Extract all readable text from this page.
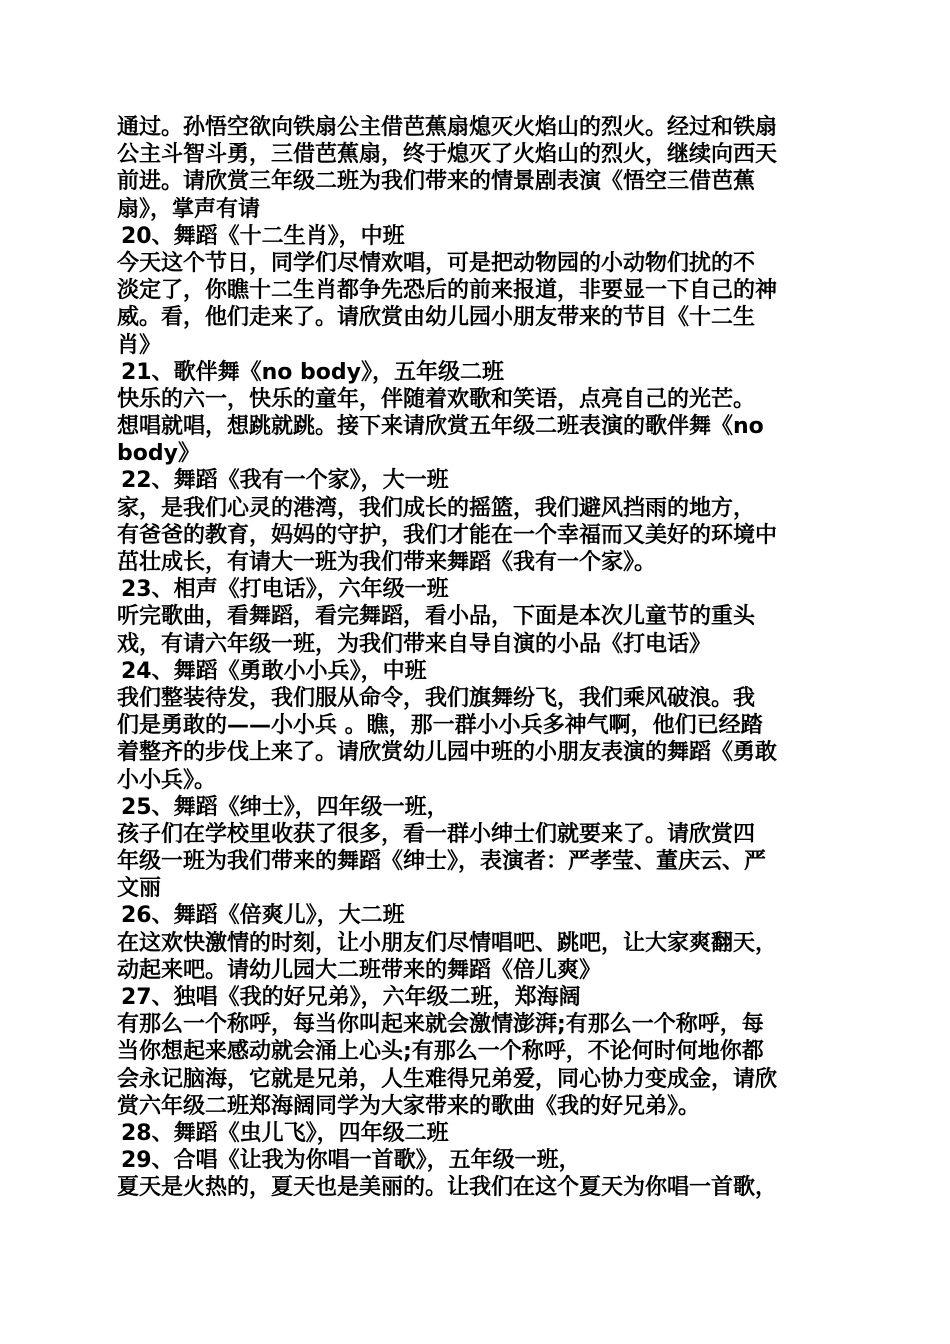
通过。孙悟空欲向铁扇公主借芭蕉扇熄灭火焰山的烈火。经过和铁扇
公主斗智斗勇，三借芭蕉扇，终于熄灭了火焰山的烈火，继续向西天
前进。请欣赏三年级二班为我们带来的情景剧表演《悟空三借芭蕉
扇》，掌声有请
20、舞蹈《十二生肖》，中班
今天这个节日，同学们尽情欢唱，可是把动物园的小动物们扰的不
淡定了，你瞧十二生肖都争先恐后的前来报道，非要显一下自己的神
威。看，他们走来了。请欣赏由幼儿园小朋友带来的节目《十二生
肖》
21、歌伴舞《no body》，五年级二班
快乐的六一，快乐的童年，伴随着欢歌和笑语，点亮自己的光芒。
想唱就唱，想跳就跳。接下来请欣赏五年级二班表演的歌伴舞《no
body》
22、舞蹈《我有一个家》，大一班
家，是我们心灵的港湾，我们成长的摇篮，我们避风挡雨的地方，
有爸爸的教育，妈妈的守护，我们才能在一个幸福而又美好的环境中
茁壮成长，有请大一班为我们带来舞蹈《我有一个家》。
23、相声《打电话》，六年级一班
听完歌曲，看舞蹈，看完舞蹈，看小品，下面是本次儿童节的重头
戏，有请六年级一班，为我们带来自导自演的小品《打电话》
24、舞蹈《勇敢小小兵》，中班
我们整装待发，我们服从命令，我们旗舞纷飞，我们乘风破浪。我
们是勇敢的——小小兵 。瞧，那一群小小兵多神气啊，他们已经踏
着整齐的步伐上来了。请欣赏幼儿园中班的小朋友表演的舞蹈《勇敢
小小兵》。
25、舞蹈《绅士》，四年级一班，
孩子们在学校里收获了很多，看一群小绅士们就要来了。请欣赏四
年级一班为我们带来的舞蹈《绅士》，表演者：严孝莹、董庆云、严
文丽
26、舞蹈《倍爽儿》，大二班
在这欢快激情的时刻，让小朋友们尽情唱吧、跳吧，让大家爽翻天，
动起来吧。请幼儿园大二班带来的舞蹈《倍儿爽》
27、独唱《我的好兄弟》，六年级二班，郑海阔
有那么一个称呼，每当你叫起来就会激情澎湃;有那么一个称呼，每
当你想起来感动就会涌上心头;有那么一个称呼，不论何时何地你都
会永记脑海，它就是兄弟，人生难得兄弟爱，同心协力变成金，请欣
赏六年级二班郑海阔同学为大家带来的歌曲《我的好兄弟》。
28、舞蹈《虫儿飞》，四年级二班
29、合唱《让我为你唱一首歌》，五年级一班，
夏天是火热的，夏天也是美丽的。让我们在这个夏天为你唱一首歌，
